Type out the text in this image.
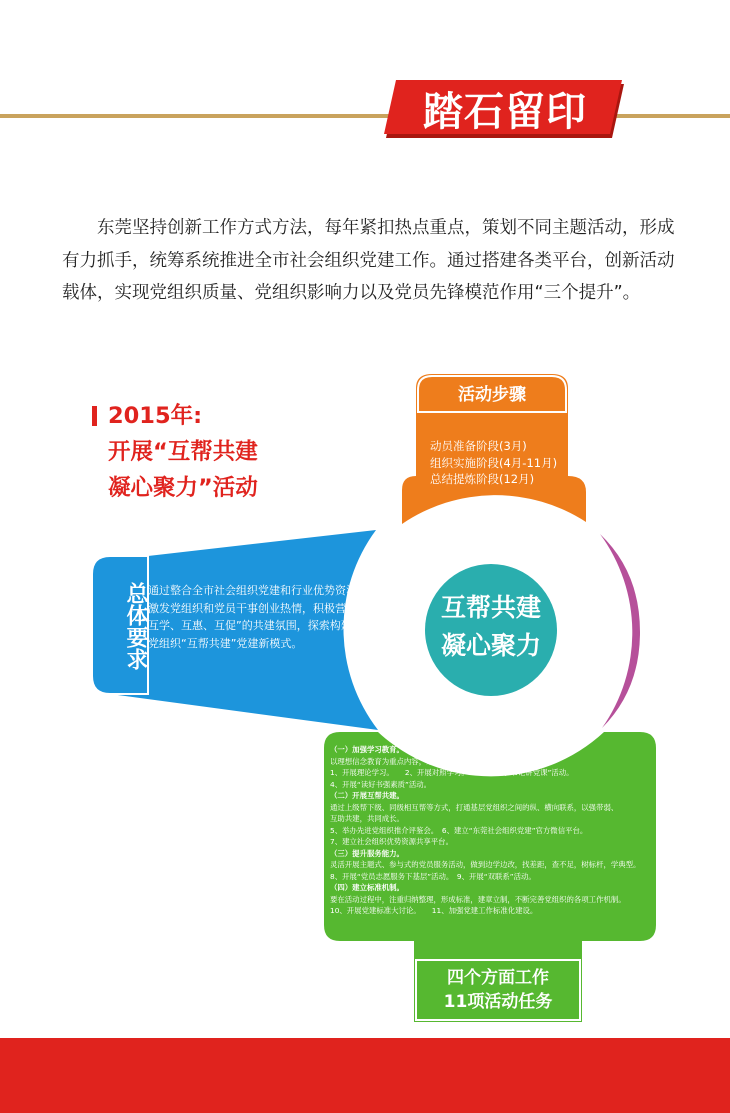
踏石留印

东莞坚持创新工作方式方法，每年紧扣热点重点，策划不同主题活动，形成有力抓手，统筹系统推进全市社会组织党建工作。通过搭建各类平台，创新活动载体，实现党组织质量、党组织影响力以及党员先锋模范作用“三个提升”。

2015年:
开展“互帮共建
凝心聚力”活动
活动步骤
动员准备阶段(3月)
组织实施阶段(4月-11月)
总结提炼阶段(12月)
总体要求 通过整合全市社会组织党建和行业优势资源，充分激发党组织和党员干事创业热情，积极营造“互帮、互学、互惠、互促”的共建氛围，探索构建社会组织党组织“互帮共建”党建新模式。
互帮共建
凝心聚力
（一）加强学习教育。
以理想信念教育为重点内容，采取多种方式，把“学”贯穿活动始终。
1、开展理论学习。　　2、开展对照学习。　　3、开展“书记讲党课”活动。
4、开展“读好书强素质”活动。
（二）开展互帮共建。
通过上级帮下级、同级相互帮等方式，打通基层党组织之间的纵、横向联系，以强带弱、
互助共建，共同成长。
5、举办先进党组织推介评鉴会。　6、建立“东莞社会组织党建”官方微信平台。
7、建立社会组织优势资源共享平台。
（三）提升服务能力。
灵活开展主题式、参与式的党员服务活动，做到边学边改，找差距，查不足，树标杆，学典型。
8、开展“党员志愿服务下基层”活动。　9、开展“双联系”活动。
（四）建立标准机制。
要在活动过程中，注重归纳整理，形成标准，建章立制，不断完善党组织的各项工作机制。
10、开展党建标准大讨论。　　11、加强党建工作标准化建设。
四个方面工作
11项活动任务
